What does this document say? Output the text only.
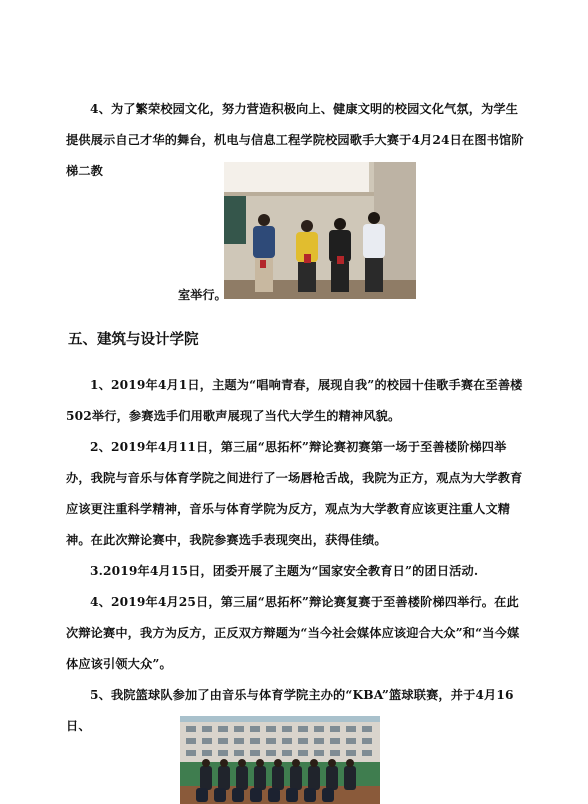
4、为了繁荣校园文化，努力营造积极向上、健康文明的校园文化气氛，为学生提供展示自己才华的舞台，机电与信息工程学院校园歌手大赛于4月24日在图书馆阶梯二教

室举行。
五、建筑与设计学院

1、2019年4月1日，主题为“唱响青春，展现自我”的校园十佳歌手赛在至善楼502举行，参赛选手们用歌声展现了当代大学生的精神风貌。

2、2019年4月11日，第三届“思拓杯”辩论赛初赛第一场于至善楼阶梯四举办，我院与音乐与体育学院之间进行了一场唇枪舌战，我院为正方，观点为大学教育应该更注重科学精神，音乐与体育学院为反方，观点为大学教育应该更注重人文精神。在此次辩论赛中，我院参赛选手表现突出，获得佳绩。

3.2019年4月15日，团委开展了主题为“国家安全教育日”的团日活动.

4、2019年4月25日，第三届“思拓杯”辩论赛复赛于至善楼阶梯四举行。在此次辩论赛中，我方为反方，正反双方辩题为“当今社会媒体应该迎合大众”和“当今媒体应该引领大众”。

5、我院篮球队参加了由音乐与体育学院主办的“KBA”篮球联赛，并于4月16日、
